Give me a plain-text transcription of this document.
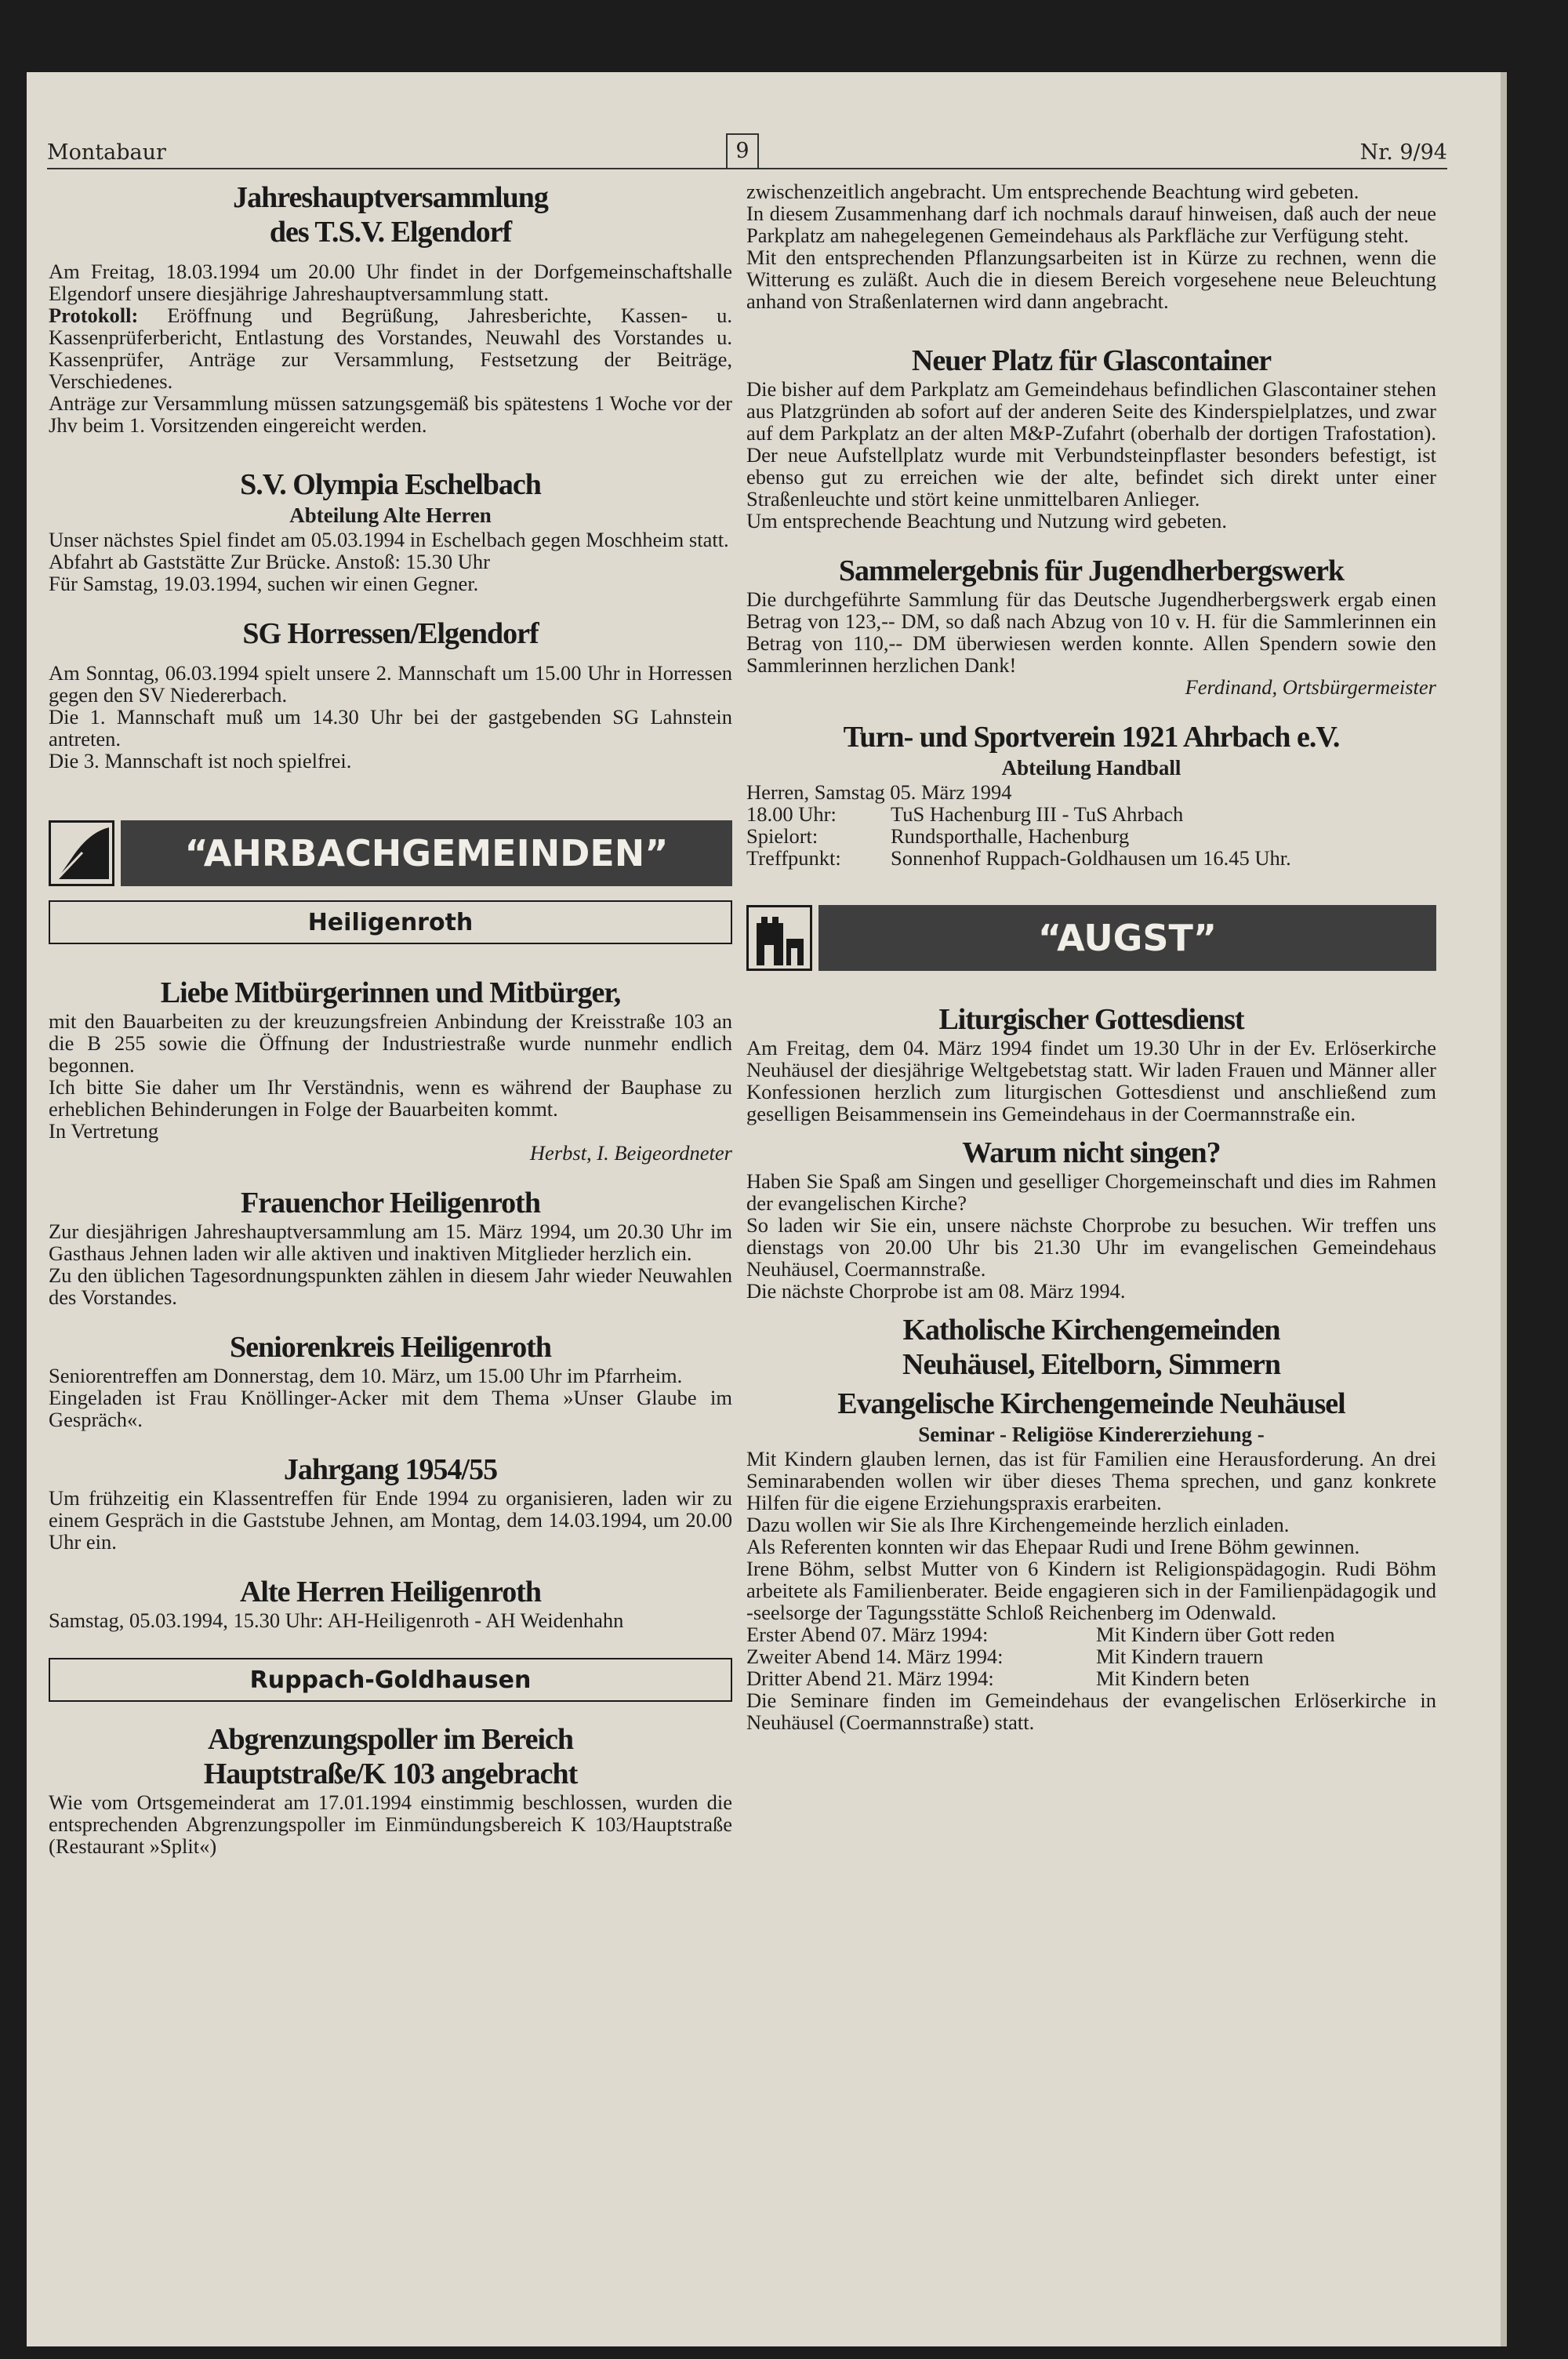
Montabaur	9	Nr. 9/94
Jahreshauptversammlung
des T.S.V. Elgendorf

Am Freitag, 18.03.1994 um 20.00 Uhr findet in der Dorfgemeinschaftshalle Elgendorf unsere diesjährige Jahreshauptversammlung statt.

Protokoll: Eröffnung und Begrüßung, Jahresberichte, Kassen- u. Kassenprüferbericht, Entlastung des Vorstandes, Neuwahl des Vorstandes u. Kassenprüfer, Anträge zur Versammlung, Festsetzung der Beiträge, Verschiedenes.

Anträge zur Versammlung müssen satzungsgemäß bis spätestens 1 Woche vor der Jhv beim 1. Vorsitzenden eingereicht werden.

S.V. Olympia Eschelbach
Abteilung Alte Herren

Unser nächstes Spiel findet am 05.03.1994 in Eschelbach gegen Moschheim statt.

Abfahrt ab Gaststätte Zur Brücke. Anstoß: 15.30 Uhr

Für Samstag, 19.03.1994, suchen wir einen Gegner.

SG Horressen/Elgendorf

Am Sonntag, 06.03.1994 spielt unsere 2. Mannschaft um 15.00 Uhr in Horressen gegen den SV Niedererbach.

Die 1. Mannschaft muß um 14.30 Uhr bei der gastgebenden SG Lahnstein antreten.

Die 3. Mannschaft ist noch spielfrei.

“AHRBACHGEMEINDEN”
Heiligenroth
Liebe Mitbürgerinnen und Mitbürger,

mit den Bauarbeiten zu der kreuzungsfreien Anbindung der Kreisstraße 103 an die B 255 sowie die Öffnung der Industriestraße wurde nunmehr endlich begonnen.

Ich bitte Sie daher um Ihr Verständnis, wenn es während der Bauphase zu erheblichen Behinderungen in Folge der Bauarbeiten kommt.

In Vertretung

Herbst, I. Beigeordneter

Frauenchor Heiligenroth

Zur diesjährigen Jahreshauptversammlung am 15. März 1994, um 20.30 Uhr im Gasthaus Jehnen laden wir alle aktiven und inaktiven Mitglieder herzlich ein.

Zu den üblichen Tagesordnungspunkten zählen in diesem Jahr wieder Neuwahlen des Vorstandes.

Seniorenkreis Heiligenroth

Seniorentreffen am Donnerstag, dem 10. März, um 15.00 Uhr im Pfarrheim.

Eingeladen ist Frau Knöllinger-Acker mit dem Thema »Unser Glaube im Gespräch«.

Jahrgang 1954/55

Um frühzeitig ein Klassentreffen für Ende 1994 zu organisieren, laden wir zu einem Gespräch in die Gaststube Jehnen, am Montag, dem 14.03.1994, um 20.00 Uhr ein.

Alte Herren Heiligenroth

Samstag, 05.03.1994, 15.30 Uhr: AH-Heiligenroth - AH Weidenhahn

Ruppach-Goldhausen
Abgrenzungspoller im Bereich
Hauptstraße/K 103 angebracht

Wie vom Ortsgemeinderat am 17.01.1994 einstimmig beschlossen, wurden die entsprechenden Abgrenzungspoller im Einmündungsbereich K 103/Hauptstraße (Restaurant »Split«)

zwischenzeitlich angebracht. Um entsprechende Beachtung wird gebeten.

In diesem Zusammenhang darf ich nochmals darauf hinweisen, daß auch der neue Parkplatz am nahegelegenen Gemeindehaus als Parkfläche zur Verfügung steht.

Mit den entsprechenden Pflanzungsarbeiten ist in Kürze zu rechnen, wenn die Witterung es zuläßt. Auch die in diesem Bereich vorgesehene neue Beleuchtung anhand von Straßenlaternen wird dann angebracht.

Neuer Platz für Glascontainer

Die bisher auf dem Parkplatz am Gemeindehaus befindlichen Glascontainer stehen aus Platzgründen ab sofort auf der anderen Seite des Kinderspielplatzes, und zwar auf dem Parkplatz an der alten M&P-Zufahrt (oberhalb der dortigen Trafostation). Der neue Aufstellplatz wurde mit Verbundsteinpflaster besonders befestigt, ist ebenso gut zu erreichen wie der alte, befindet sich direkt unter einer Straßenleuchte und stört keine unmittelbaren Anlieger.

Um entsprechende Beachtung und Nutzung wird gebeten.

Sammelergebnis für Jugendherbergswerk

Die durchgeführte Sammlung für das Deutsche Jugendherbergswerk ergab einen Betrag von 123,-- DM, so daß nach Abzug von 10 v. H. für die Sammlerinnen ein Betrag von 110,-- DM überwiesen werden konnte. Allen Spendern sowie den Sammlerinnen herzlichen Dank!

Ferdinand, Ortsbürgermeister

Turn- und Sportverein 1921 Ahrbach e.V.
Abteilung Handball

Herren, Samstag 05. März 1994

18.00 Uhr:	TuS Hachenburg III - TuS Ahrbach
Spielort:	Rundsporthalle, Hachenburg
Treffpunkt:	Sonnenhof Ruppach-Goldhausen um 16.45 Uhr.
“AUGST”
Liturgischer Gottesdienst

Am Freitag, dem 04. März 1994 findet um 19.30 Uhr in der Ev. Erlöserkirche Neuhäusel der diesjährige Weltgebetstag statt. Wir laden Frauen und Männer aller Konfessionen herzlich zum liturgischen Gottesdienst und anschließend zum geselligen Beisammensein ins Gemeindehaus in der Coermannstraße ein.

Warum nicht singen?

Haben Sie Spaß am Singen und geselliger Chorgemeinschaft und dies im Rahmen der evangelischen Kirche?

So laden wir Sie ein, unsere nächste Chorprobe zu besuchen. Wir treffen uns dienstags von 20.00 Uhr bis 21.30 Uhr im evangelischen Gemeindehaus Neuhäusel, Coermannstraße.

Die nächste Chorprobe ist am 08. März 1994.

Katholische Kirchengemeinden
Neuhäusel, Eitelborn, Simmern
Evangelische Kirchengemeinde Neuhäusel
Seminar - Religiöse Kindererziehung -

Mit Kindern glauben lernen, das ist für Familien eine Herausforderung. An drei Seminarabenden wollen wir über dieses Thema sprechen, und ganz konkrete Hilfen für die eigene Erziehungspraxis erarbeiten.

Dazu wollen wir Sie als Ihre Kirchengemeinde herzlich einladen.

Als Referenten konnten wir das Ehepaar Rudi und Irene Böhm gewinnen.

Irene Böhm, selbst Mutter von 6 Kindern ist Religionspädagogin. Rudi Böhm arbeitete als Familienberater. Beide engagieren sich in der Familienpädagogik und -seelsorge der Tagungsstätte Schloß Reichenberg im Odenwald.

Erster Abend 07. März 1994:	Mit Kindern über Gott reden
Zweiter Abend 14. März 1994:	Mit Kindern trauern
Dritter Abend 21. März 1994:	Mit Kindern beten

Die Seminare finden im Gemeindehaus der evangelischen Erlöserkirche in Neuhäusel (Coermannstraße) statt.
